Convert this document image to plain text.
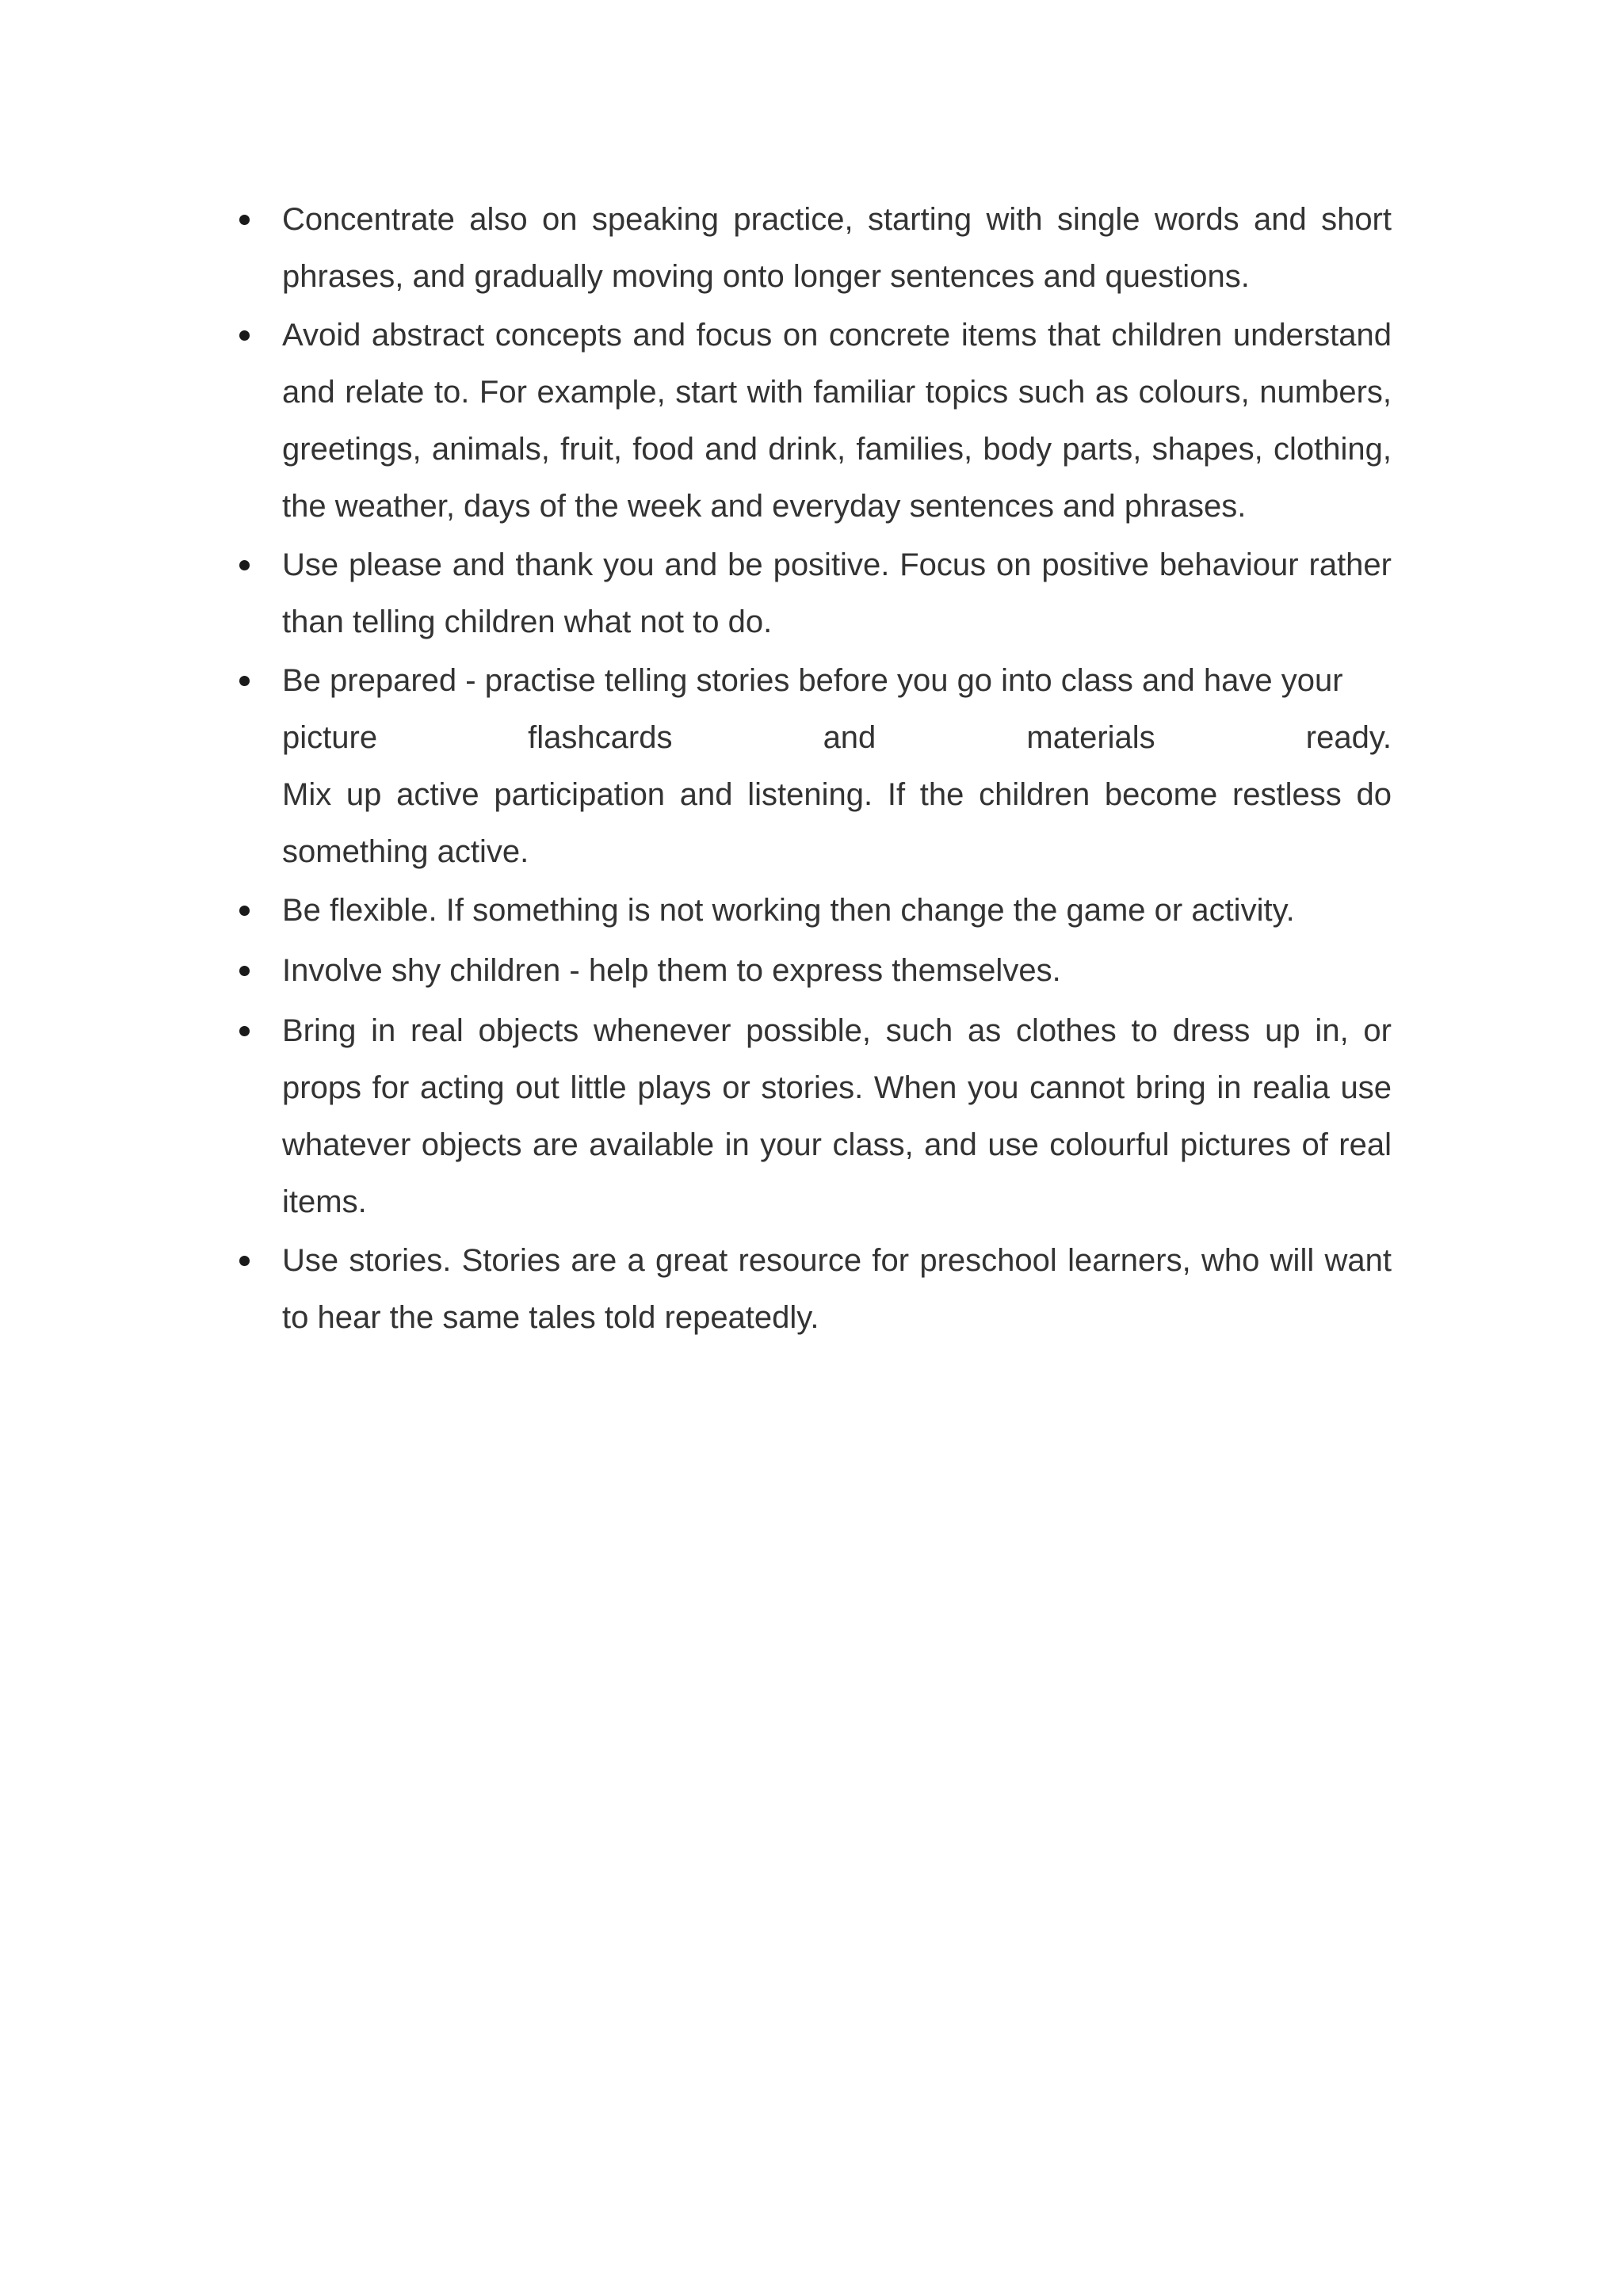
Concentrate also on speaking practice, starting with single words and short phrases, and gradually moving onto longer sentences and questions.
Avoid abstract concepts and focus on concrete items that children understand and relate to. For example, start with familiar topics such as colours, numbers, greetings, animals, fruit, food and drink, families, body parts, shapes, clothing, the weather, days of the week and everyday sentences and phrases.
Use please and thank you and be positive. Focus on positive behaviour rather than telling children what not to do.
Be prepared - practise telling stories before you go into class and have your
picture	flashcards	and	materials	ready.
Mix up active participation and listening. If the children become restless do something active.
Be flexible. If something is not working then change the game or activity.
Involve shy children - help them to express themselves.
Bring in real objects whenever possible, such as clothes to dress up in, or props for acting out little plays or stories. When you cannot bring in realia use whatever objects are available in your class, and use colourful pictures of real items.
Use stories. Stories are a great resource for preschool learners, who will want to hear the same tales told repeatedly.
